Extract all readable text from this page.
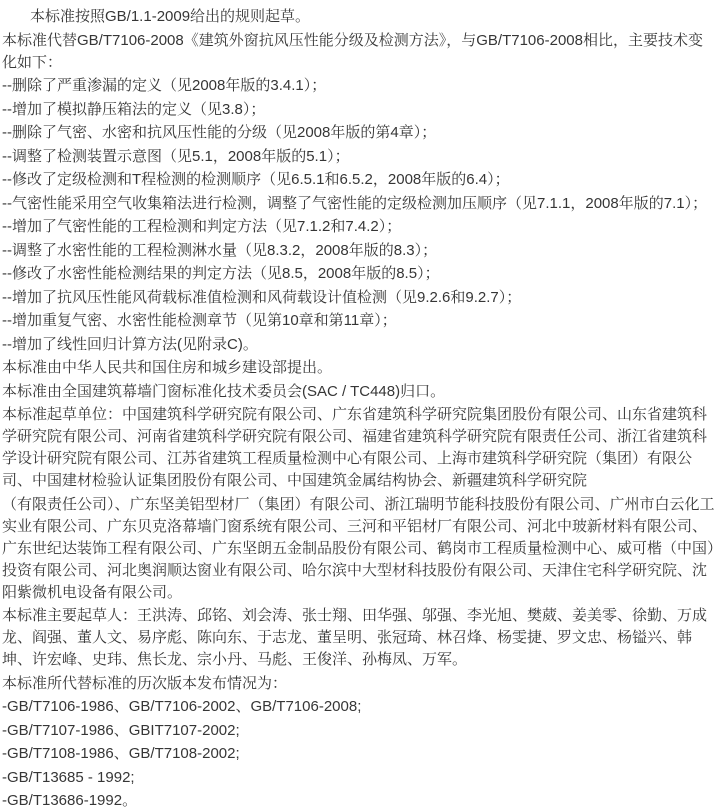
本标准按照GB/1.1-2009给出的规则起草。

本标准代替GB/T7106-2008《建筑外窗抗风压性能分级及检测方法》，与GB/T7106-2008相比，主要技术变化如下：

--删除了严重渗漏的定义（见2008年版的3.4.1）；

--增加了模拟静压箱法的定义（见3.8）；

--删除了气密、水密和抗风压性能的分级（见2008年版的第4章）；

--调整了检测装置示意图（见5.1，2008年版的5.1）；

--修改了定级检测和T程检测的检测顺序（见6.5.1和6.5.2，2008年版的6.4）；

--气密性能采用空气收集箱法进行检测，调整了气密性能的定级检测加压顺序（见7.1.1，2008年版的7.1）；

--增加了气密性能的工程检测和判定方法（见7.1.2和7.4.2）；

--调整了水密性能的工程检测淋水量（见8.3.2，2008年版的8.3）；

--修改了水密性能检测结果的判定方法（见8.5，2008年版的8.5）；

--增加了抗风压性能风荷载标准值检测和风荷载设计值检测（见9.2.6和9.2.7）；

--增加重复气密、水密性能检测章节（见第10章和第11章）；

--增加了线性回归计算方法(见附录C)。

本标准由中华人民共和国住房和城乡建设部提出。

本标准由全国建筑幕墙门窗标准化技术委员会(SAC / TC448)归口。

本标准起草单位：中国建筑科学研究院有限公司、广东省建筑科学研究院集团股份有限公司、山东省建筑科学研究院有限公司、河南省建筑科学研究院有限公司、福建省建筑科学研究院有限责任公司、浙江省建筑科学设计研究院有限公司、江苏省建筑工程质量检测中心有限公司、上海市建筑科学研究院（集团）有限公司、中国建材检验认证集团股份有限公司、中国建筑金属结构协会、新疆建筑科学研究院

（有限责任公司）、广东坚美铝型材厂（集团）有限公司、浙江瑞明节能科技股份有限公司、广州市白云化工实业有限公司、广东贝克洛幕墙门窗系统有限公司、三河和平铝材厂有限公司、河北中玻新材料有限公司、广东世纪达装饰工程有限公司、广东坚朗五金制品股份有限公司、鹤岗市工程质量检测中心、威可楷（中国）投资有限公司、河北奥润顺达窗业有限公司、哈尔滨中大型材科技股份有限公司、天津住宅科学研究院、沈阳紫微机电设备有限公司。

本标准主要起草人：王洪涛、邱铭、刘会涛、张士翔、田华强、邬强、李光旭、樊葳、姜美零、徐勤、万成龙、阎强、董人文、易序彪、陈向东、于志龙、董呈明、张冠琦、林召烽、杨雯捷、罗文忠、杨镒兴、韩坤、许宏峰、史玮、焦长龙、宗小丹、马彪、王俊洋、孙梅凤、万军。

本标准所代替标准的历次版本发布情况为：

-GB/T7106-1986、GB/T7106-2002、GB/T7106-2008;

-GB/T7107-1986、GBIT7107-2002;

-GB/T7108-1986、GB/T7108-2002;

-GB/T13685 - 1992;

-GB/T13686-1992。
